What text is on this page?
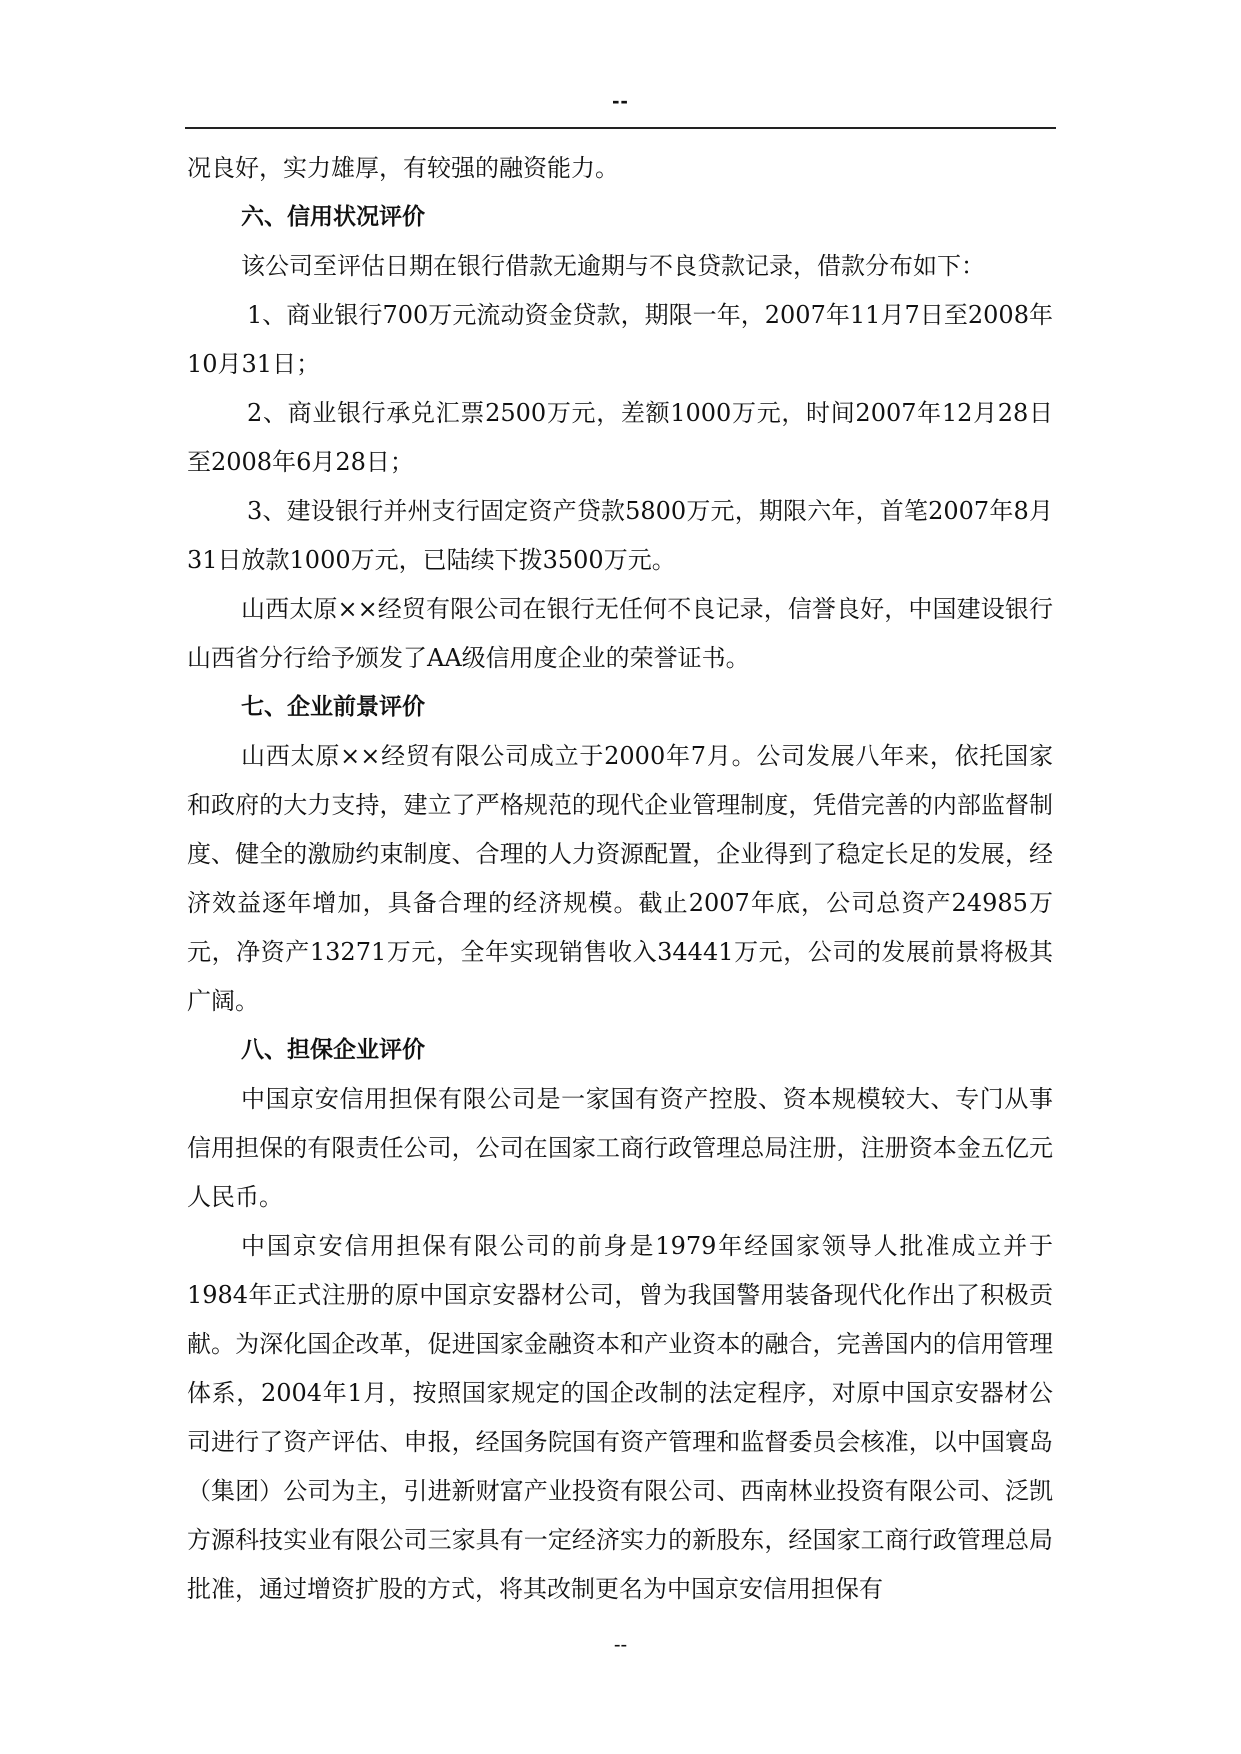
--

况良好，实力雄厚，有较强的融资能力。

六、信用状况评价

该公司至评估日期在银行借款无逾期与不良贷款记录，借款分布如下：

1、商业银行700万元流动资金贷款，期限一年，2007年11月7日至2008年10月31日；

2、商业银行承兑汇票2500万元，差额1000万元，时间2007年12月28日至2008年6月28日；

3、建设银行并州支行固定资产贷款5800万元，期限六年，首笔2007年8月31日放款1000万元，已陆续下拨3500万元。

山西太原××经贸有限公司在银行无任何不良记录，信誉良好，中国建设银行山西省分行给予颁发了AA级信用度企业的荣誉证书。

七、企业前景评价

山西太原××经贸有限公司成立于2000年7月。公司发展八年来，依托国家和政府的大力支持，建立了严格规范的现代企业管理制度，凭借完善的内部监督制度、健全的激励约束制度、合理的人力资源配置，企业得到了稳定长足的发展，经济效益逐年增加，具备合理的经济规模。截止2007年底，公司总资产24985万元，净资产13271万元，全年实现销售收入34441万元，公司的发展前景将极其广阔。

八、担保企业评价

中国京安信用担保有限公司是一家国有资产控股、资本规模较大、专门从事信用担保的有限责任公司，公司在国家工商行政管理总局注册，注册资本金五亿元人民币。

中国京安信用担保有限公司的前身是1979年经国家领导人批准成立并于1984年正式注册的原中国京安器材公司，曾为我国警用装备现代化作出了积极贡献。为深化国企改革，促进国家金融资本和产业资本的融合，完善国内的信用管理体系，2004年1月，按照国家规定的国企改制的法定程序，对原中国京安器材公司进行了资产评估、申报，经国务院国有资产管理和监督委员会核准，以中国寰岛（集团）公司为主，引进新财富产业投资有限公司、西南林业投资有限公司、泛凯方源科技实业有限公司三家具有一定经济实力的新股东，经国家工商行政管理总局批准，通过增资扩股的方式，将其改制更名为中国京安信用担保有

--
